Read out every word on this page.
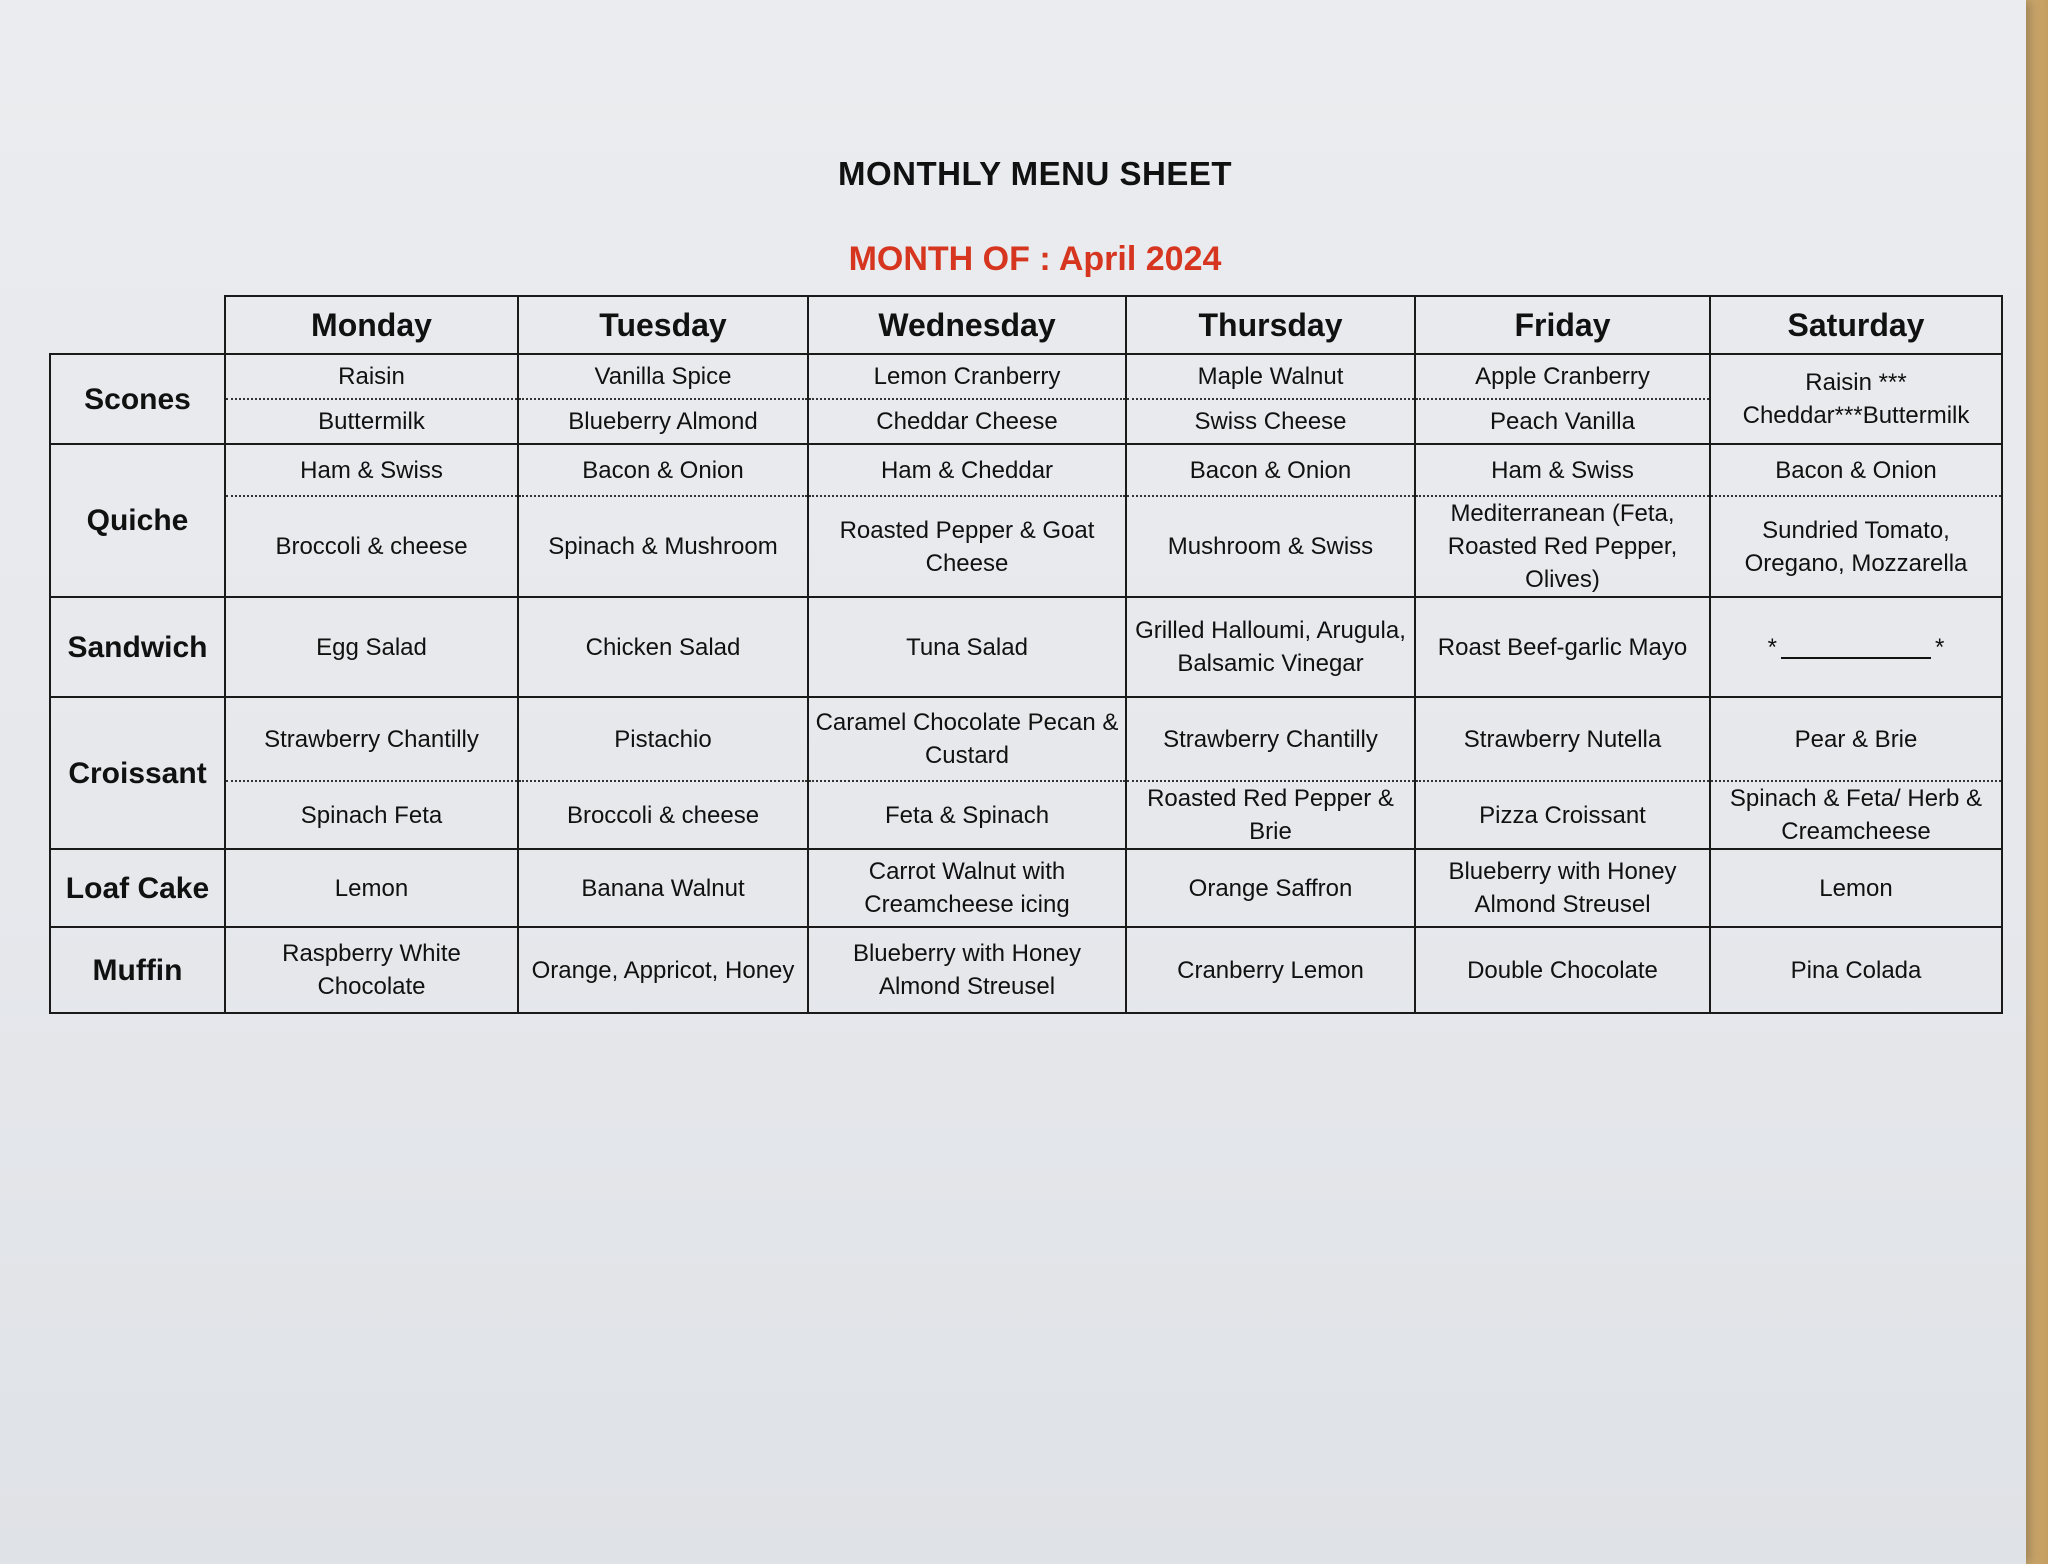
MONTHLY MENU SHEET
MONTH OF : April 2024
	Monday	Tuesday	Wednesday	Thursday	Friday	Saturday
Scones	Raisin	Vanilla Spice	Lemon Cranberry	Maple Walnut	Apple Cranberry	Raisin *** Cheddar***Buttermilk
	Buttermilk	Blueberry Almond	Cheddar Cheese	Swiss Cheese	Peach Vanilla	
Quiche	Ham & Swiss	Bacon & Onion	Ham & Cheddar	Bacon & Onion	Ham & Swiss	Bacon & Onion
	Broccoli & cheese	Spinach & Mushroom	Roasted Pepper & Goat Cheese	Mushroom & Swiss	Mediterranean (Feta, Roasted Red Pepper, Olives)	Sundried Tomato, Oregano, Mozzarella
Sandwich	Egg Salad	Chicken Salad	Tuna Salad	Grilled Halloumi, Arugula, Balsamic Vinegar	Roast Beef-garlic Mayo	* *
Croissant	Strawberry Chantilly	Pistachio	Caramel Chocolate Pecan & Custard	Strawberry Chantilly	Strawberry Nutella	Pear & Brie
	Spinach Feta	Broccoli & cheese	Feta & Spinach	Roasted Red Pepper & Brie	Pizza Croissant	Spinach & Feta/ Herb & Creamcheese
Loaf Cake	Lemon	Banana Walnut	Carrot Walnut with Creamcheese icing	Orange Saffron	Blueberry with Honey Almond Streusel	Lemon
Muffin	Raspberry White Chocolate	Orange, Appricot, Honey	Blueberry with Honey Almond Streusel	Cranberry Lemon	Double Chocolate	Pina Colada
